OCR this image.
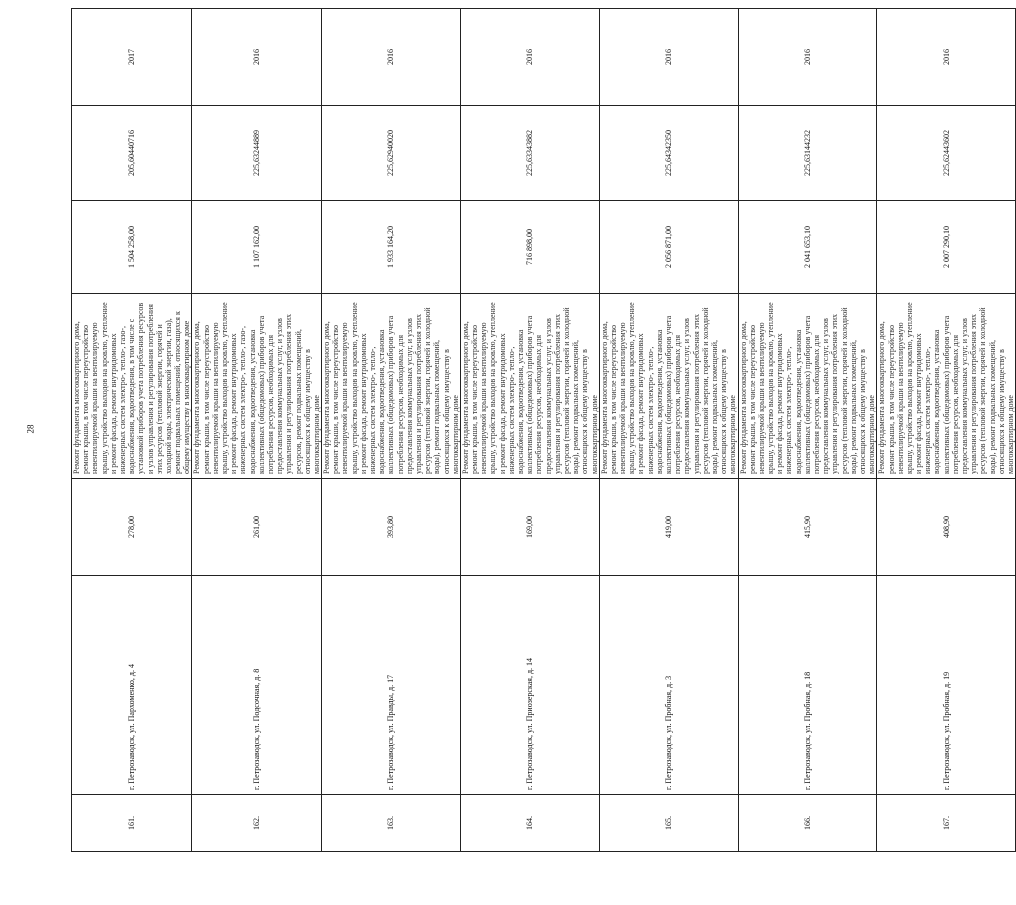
28
161.	г. Петрозаводск, ул. Пархоменко, д. 4	278,00	Ремонт фундамента многоквартирного дома, ремонт крыши, в том числе переустройство невентилируемой крыши на вентилируемую крышу, устройство выходов на кровлю, утепление и ремонт фасада, ремонт внутридомовых инженерных систем электро-, тепло-, газо-, водоснабжения, водоотведения, в том числе с установкой приборов учета потребления ресурсов и узлов управления и регулирования потребления этих ресурсов (тепловой энергии, горячей и холодной воды, электрической энергии, газа), ремонт подвальных помещений, относящихся к общему имуществу в многоквартирном доме	1 504 258,00	205,60440716	2017
162.	г. Петрозаводск, ул. Подсочная, д. 8	261,00	Ремонт фундамента многоквартирного дома, ремонт крыши, в том числе переустройство невентилируемой крыши на вентилируемую крышу, устройство выходов на кровлю, утепление и ремонт фасада, ремонт внутридомовых инженерных систем электро-, тепло-, газо-, водоснабжения, водоотведения, установка коллективных (общедомовых) приборов учета потребления ресурсов, необходимых для предоставления коммунальных услуг, и узлов управления и регулирования потребления этих ресурсов, ремонт подвальных помещений, относящихся к общему имуществу в многоквартирном доме	1 107 162,00	225,63244889	2016
163.	г. Петрозаводск, ул. Правды, д. 17	393,80	Ремонт фундамента многоквартирного дома, ремонт крыши, в том числе переустройство невентилируемой крыши на вентилируемую крышу, устройство выходов на кровлю, утепление и ремонт фасада, ремонт внутридомовых инженерных систем электро-, тепло-, водоснабжения, водоотведения, установка коллективных (общедомовых) приборов учета потребления ресурсов, необходимых для предоставления коммунальных услуг, и узлов управления и регулирования потребления этих ресурсов (тепловой энергии, горячей и холодной воды), ремонт подвальных помещений, относящихся к общему имуществу в многоквартирном доме	1 933 164,20	225,62940020	2016
164.	г. Петрозаводск, ул. Приозерская, д. 14	169,00	Ремонт фундамента многоквартирного дома, ремонт крыши, в том числе переустройство невентилируемой крыши на вентилируемую крышу, устройство выходов на кровлю, утепление и ремонт фасада, ремонт внутридомовых инженерных систем электро-, тепло-, водоснабжения, водоотведения, установка коллективных (общедомовых) приборов учета потребления ресурсов, необходимых для предоставления коммунальных услуг, и узлов управления и регулирования потребления этих ресурсов (тепловой энергии, горячей и холодной воды), ремонт подвальных помещений, относящихся к общему имуществу в многоквартирном доме	716 898,00	225,63343882	2016
165.	г. Петрозаводск, ул. Пробная, д. 3	419,00	Ремонт фундамента многоквартирного дома, ремонт крыши, в том числе переустройство невентилируемой крыши на вентилируемую крышу, устройство выходов на кровлю, утепление и ремонт фасада, ремонт внутридомовых инженерных систем электро-, тепло-, водоснабжения, водоотведения, установка коллективных (общедомовых) приборов учета потребления ресурсов, необходимых для предоставления коммунальных услуг, и узлов управления и регулирования потребления этих ресурсов (тепловой энергии, горячей и холодной воды), ремонт подвальных помещений, относящихся к общему имуществу в многоквартирном доме	2 056 871,00	225,64342350	2016
166.	г. Петрозаводск, ул. Пробная, д. 18	415,90	Ремонт фундамента многоквартирного дома, ремонт крыши, в том числе переустройство невентилируемой крыши на вентилируемую крышу, устройство выходов на кровлю, утепление и ремонт фасада, ремонт внутридомовых инженерных систем электро-, тепло-, водоснабжения, водоотведения, установка коллективных (общедомовых) приборов учета потребления ресурсов, необходимых для предоставления коммунальных услуг, и узлов управления и регулирования потребления этих ресурсов (тепловой энергии, горячей и холодной воды), ремонт подвальных помещений, относящихся к общему имуществу в многоквартирном доме	2 041 653,10	225,63144232	2016
167.	г. Петрозаводск, ул. Пробная, д. 19	408,90	Ремонт фундамента многоквартирного дома, ремонт крыши, в том числе переустройство невентилируемой крыши на вентилируемую крышу, устройство выходов на кровлю, утепление и ремонт фасада, ремонт внутридомовых инженерных систем электро-, тепло-, водоснабжения, водоотведения, установка коллективных (общедомовых) приборов учета потребления ресурсов, необходимых для предоставления коммунальных услуг, и узлов управления и регулирования потребления этих ресурсов (тепловой энергии, горячей и холодной воды), ремонт подвальных помещений, относящихся к общему имуществу в многоквартирном доме	2 007 290,10	225,62443602	2016
